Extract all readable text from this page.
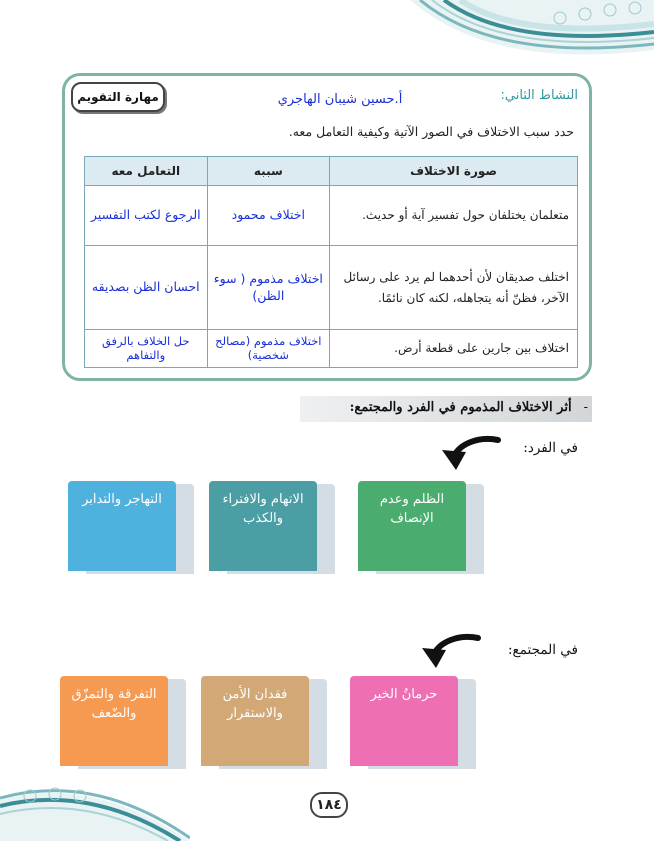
مهارة التقويم	النشاط الثاني:
أ.حسين شيبان الهاجري
حدد سبب الاختلاف في الصور الآتية وكيفية التعامل معه.
صورة الاختلاف	سببه	التعامل معه
متعلمان يختلفان حول تفسير آية أو حديث.	اختلاف محمود	الرجوع لكتب التفسير
اختلف صديقان لأن أحدهما لم يرد على رسائل الآخر، فظنّ أنه يتجاهله، لكنه كان نائمًا.	اختلاف مذموم ( سوء الظن)	احسان الظن بصديقه
اختلاف بين جارين على قطعة أرض.	اختلاف مذموم (مصالح شخصية)	حل الخلاف بالرفق والتفاهم
-أثر الاختلاف المذموم في الفرد والمجتمع:
في الفرد:
الظلم وعدم الإنصاف
الاتهام والافتراء والكذب
التهاجر والتدابر
في المجتمع:
حرمانُ الخير
فقدان الأمن والاستقرار
التفرقة والتمزّق والضّعف
١٨٤
